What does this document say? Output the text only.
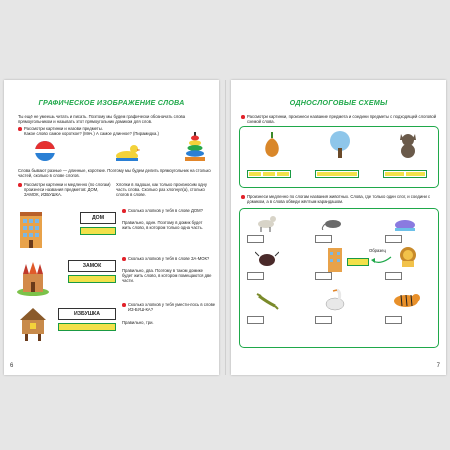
ГРАФИЧЕСКОЕ ИЗОБРАЖЕНИЕ СЛОВА
Ты ещё не умеешь читать и писать. Поэтому мы будем графически обозначать слова прямоугольником и называть этот прямоугольник домиком для слов.
Рассмотри картинки и назови предметы.
Какое слово самое короткое? (Мяч.) А самое длинное? (Пирамидка.)
Слова бывают разные — длинные, короткие. Поэтому мы будем делить прямоугольник на столько частей, сколько в слове слогов.
Рассмотри картинки и медленно (по слогам) произнеси названия предметов: ДОМ, ЗАМОК, ИЗБУШКА.
Хлопки в ладоши, как только произносим одну часть слова. Сколько раз хлопнул(а), столько слогов в слове.
ДОМ
ЗАМОК
ИЗБУШКА
Сколько хлопков у тебя в слове ДОМ?
Правильно, один. Поэтому в домик будет жить слово, в котором только одна часть.
Сколько хлопков у тебя в слове ЗА-МОК?
Правильно, два. Поэтому в таком домике будет жить слово, в котором помещаются две части.
Сколько хлопков у тебя умести-лось в слове ИЗ-БУШ-КА?
Правильно, три.
6
ОДНОСЛОГОВЫЕ СХЕМЫ
Рассмотри картинки, произнеси название предмета и соедини предметы с подходящей слоговой схемой слова.
Произнеси медленно по слогам названия животных. Слова, где только один слог, и соедини с домиком, а в слова обведи жёлтым карандашом.
Образец
7
